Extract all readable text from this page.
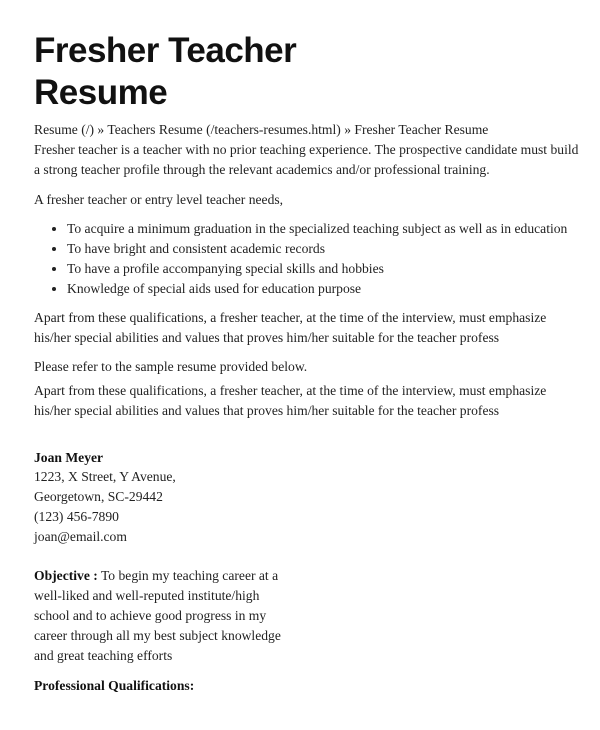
Fresher Teacher
Resume
Resume (/) » Teachers Resume (/teachers-resumes.html) » Fresher Teacher Resume
Fresher teacher is a teacher with no prior teaching experience. The prospective candidate must build
a strong teacher profile through the relevant academics and/or professional training.
A fresher teacher or entry level teacher needs,
• To acquire a minimum graduation in the specialized teaching subject as well as in education
• To have bright and consistent academic records
• To have a profile accompanying special skills and hobbies
• Knowledge of special aids used for education purpose
Apart from these qualifications, a fresher teacher, at the time of the interview, must emphasize
his/her special abilities and values that proves him/her suitable for the teacher profess
Please refer to the sample resume provided below.
Apart from these qualifications, a fresher teacher, at the time of the interview, must emphasize
his/her special abilities and values that proves him/her suitable for the teacher profess
Joan Meyer
1223, X Street, Y Avenue,
Georgetown, SC-29442
(123) 456-7890
joan@email.com
Objective : To begin my teaching career at a
well-liked and well-reputed institute/high
school and to achieve good progress in my
career through all my best subject knowledge
and great teaching efforts
Professional Qualifications:
